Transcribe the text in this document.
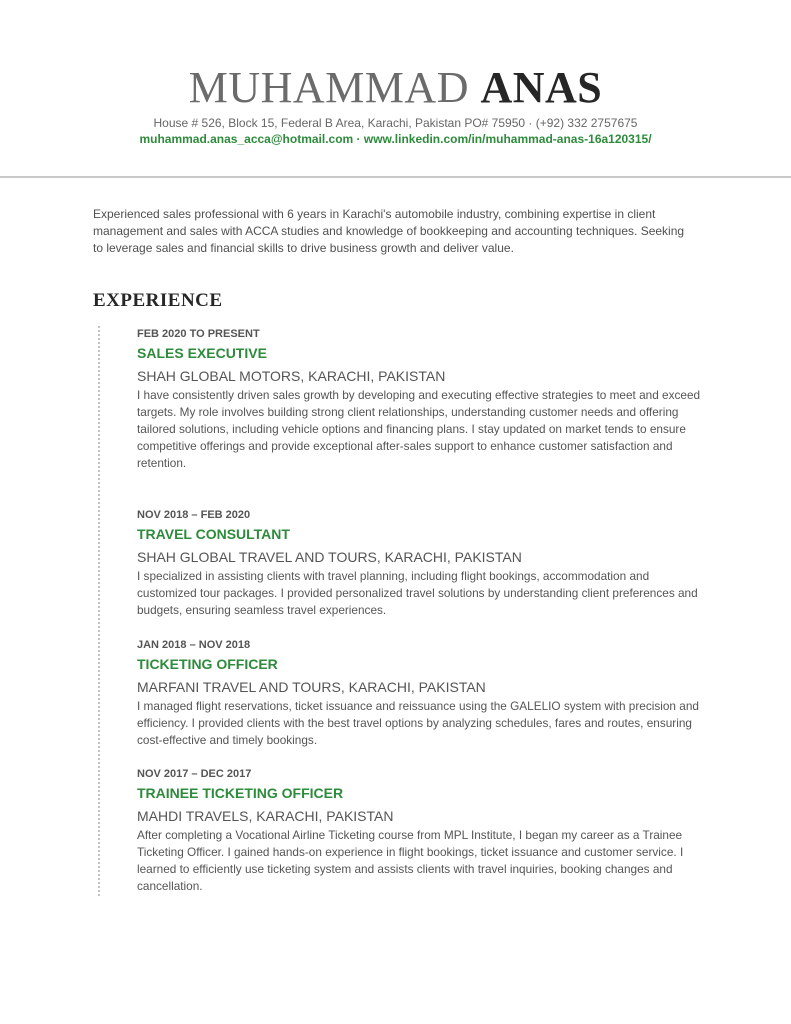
MUHAMMAD ANAS
House # 526, Block 15, Federal B Area, Karachi, Pakistan PO# 75950 · (+92) 332 2757675
muhammad.anas_acca@hotmail.com · www.linkedin.com/in/muhammad-anas-16a120315/
Experienced sales professional with 6 years in Karachi's automobile industry, combining expertise in client management and sales with ACCA studies and knowledge of bookkeeping and accounting techniques. Seeking to leverage sales and financial skills to drive business growth and deliver value.
EXPERIENCE
FEB 2020 TO PRESENT
SALES EXECUTIVE
SHAH GLOBAL MOTORS, KARACHI, PAKISTAN
I have consistently driven sales growth by developing and executing effective strategies to meet and exceed targets. My role involves building strong client relationships, understanding customer needs and offering tailored solutions, including vehicle options and financing plans. I stay updated on market tends to ensure competitive offerings and provide exceptional after-sales support to enhance customer satisfaction and retention.
NOV 2018 – FEB 2020
TRAVEL CONSULTANT
SHAH GLOBAL TRAVEL AND TOURS, KARACHI, PAKISTAN
I specialized in assisting clients with travel planning, including flight bookings, accommodation and customized tour packages. I provided personalized travel solutions by understanding client preferences and budgets, ensuring seamless travel experiences.
JAN 2018 – NOV 2018
TICKETING OFFICER
MARFANI TRAVEL AND TOURS, KARACHI, PAKISTAN
I managed flight reservations, ticket issuance and reissuance using the GALELIO system with precision and efficiency. I provided clients with the best travel options by analyzing schedules, fares and routes, ensuring cost-effective and timely bookings.
NOV 2017 – DEC 2017
TRAINEE TICKETING OFFICER
MAHDI TRAVELS, KARACHI, PAKISTAN
After completing a Vocational Airline Ticketing course from MPL Institute, I began my career as a Trainee Ticketing Officer. I gained hands-on experience in flight bookings, ticket issuance and customer service. I learned to efficiently use ticketing system and assists clients with travel inquiries, booking changes and cancellation.
